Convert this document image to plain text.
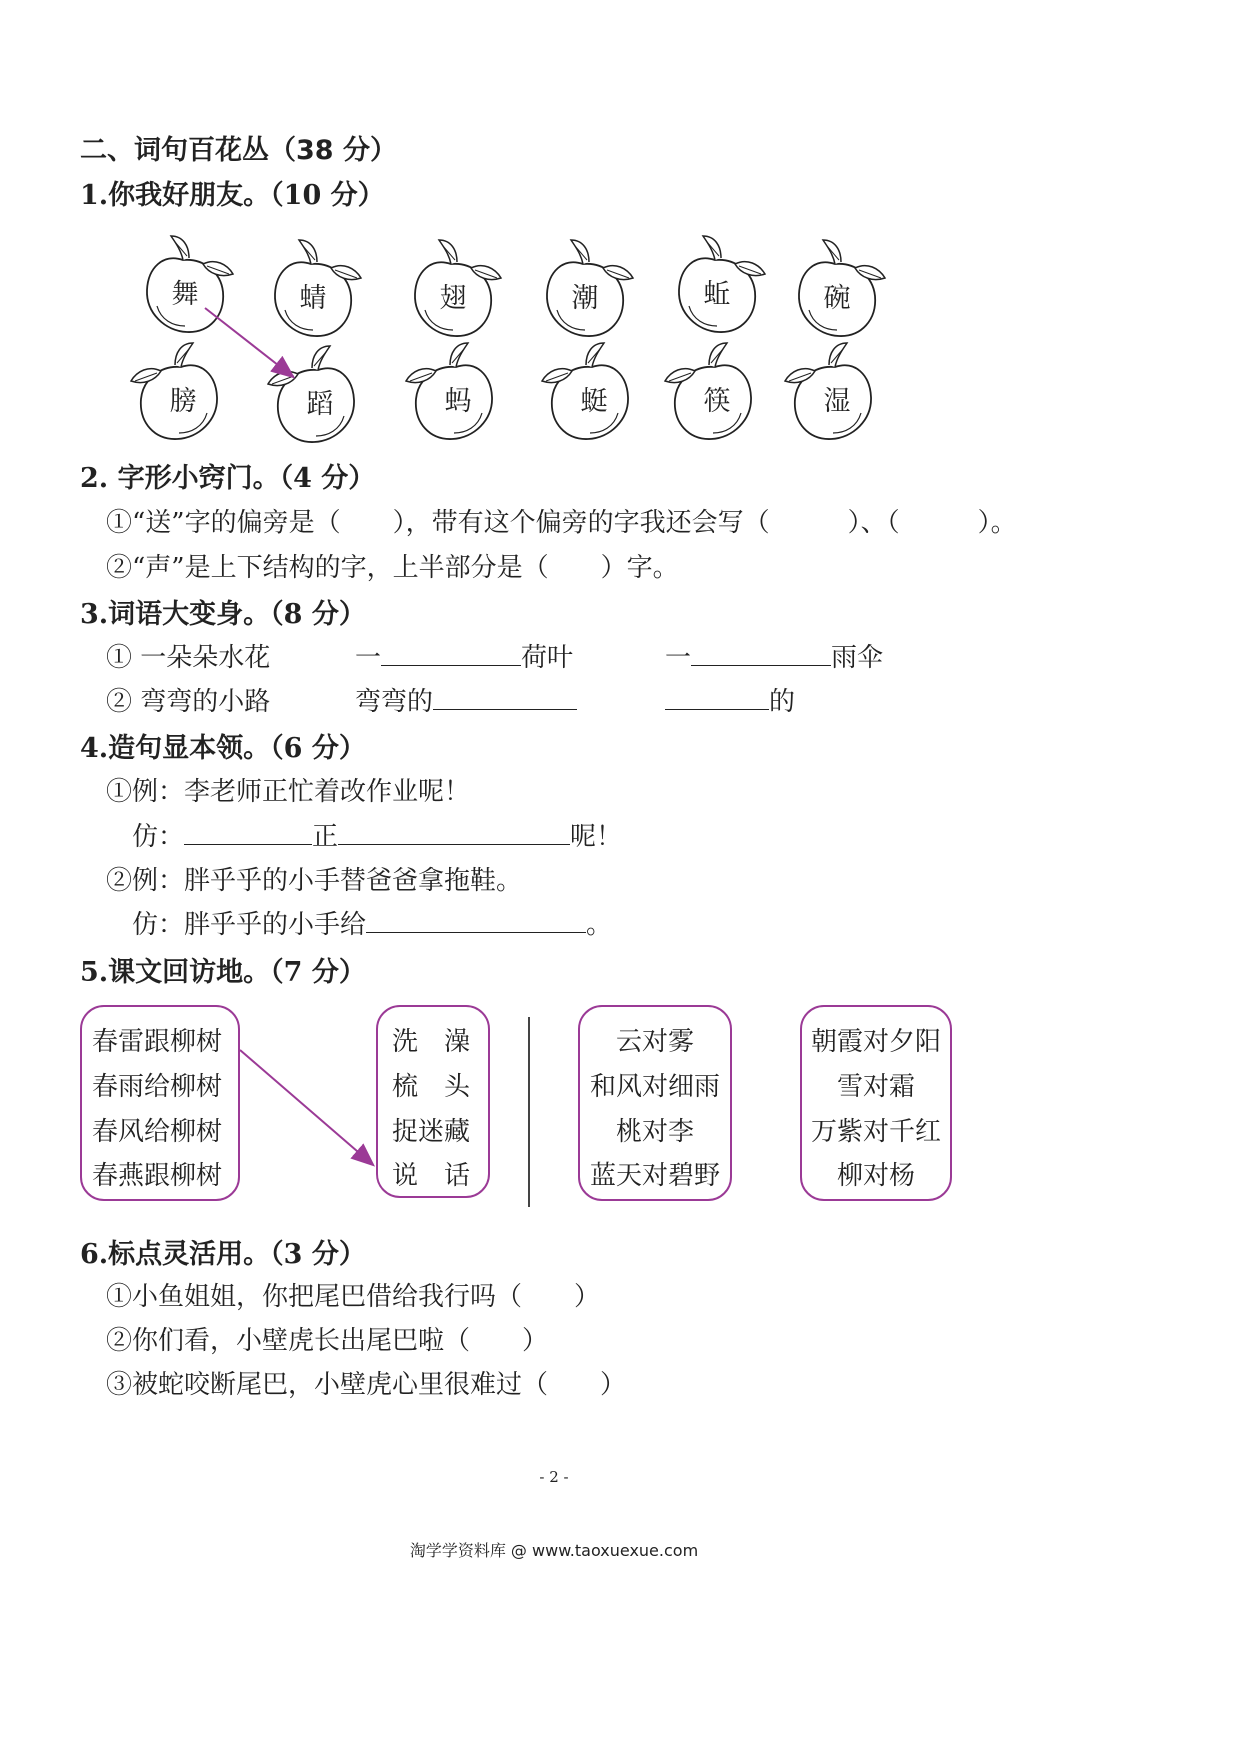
二、词句百花丛（38 分）
1.你我好朋友。（10 分）
舞	蜻	翅	潮	蚯	碗
膀	蹈	蚂	蜓	筷	湿
2. 字形小窍门。（4 分）
①“送”字的偏旁是（　　），带有这个偏旁的字我还会写（　　　）、（　　　）。
②“声”是上下结构的字，上半部分是（　　）字。
3.词语大变身。（8 分）
① 一朵朵水花	一	荷叶	一	雨伞
② 弯弯的小路	弯弯的	的
4.造句显本领。（6 分）
①例：李老师正忙着改作业呢！
仿：	正	呢！
②例：胖乎乎的小手替爸爸拿拖鞋。
仿：胖乎乎的小手给	。
5.课文回访地。（7 分）
春雷跟柳树
春雨给柳树
春风给柳树
春燕跟柳树
洗　澡
梳　头
捉迷藏
说　话
云对雾
和风对细雨
桃对李
蓝天对碧野
朝霞对夕阳
雪对霜
万紫对千红
柳对杨
6.标点灵活用。（3 分）
①小鱼姐姐，你把尾巴借给我行吗（　　）
②你们看，小壁虎长出尾巴啦（　　）
③被蛇咬断尾巴，小壁虎心里很难过（　　）
- 2 -
淘学学资料库 @ www.taoxuexue.com
